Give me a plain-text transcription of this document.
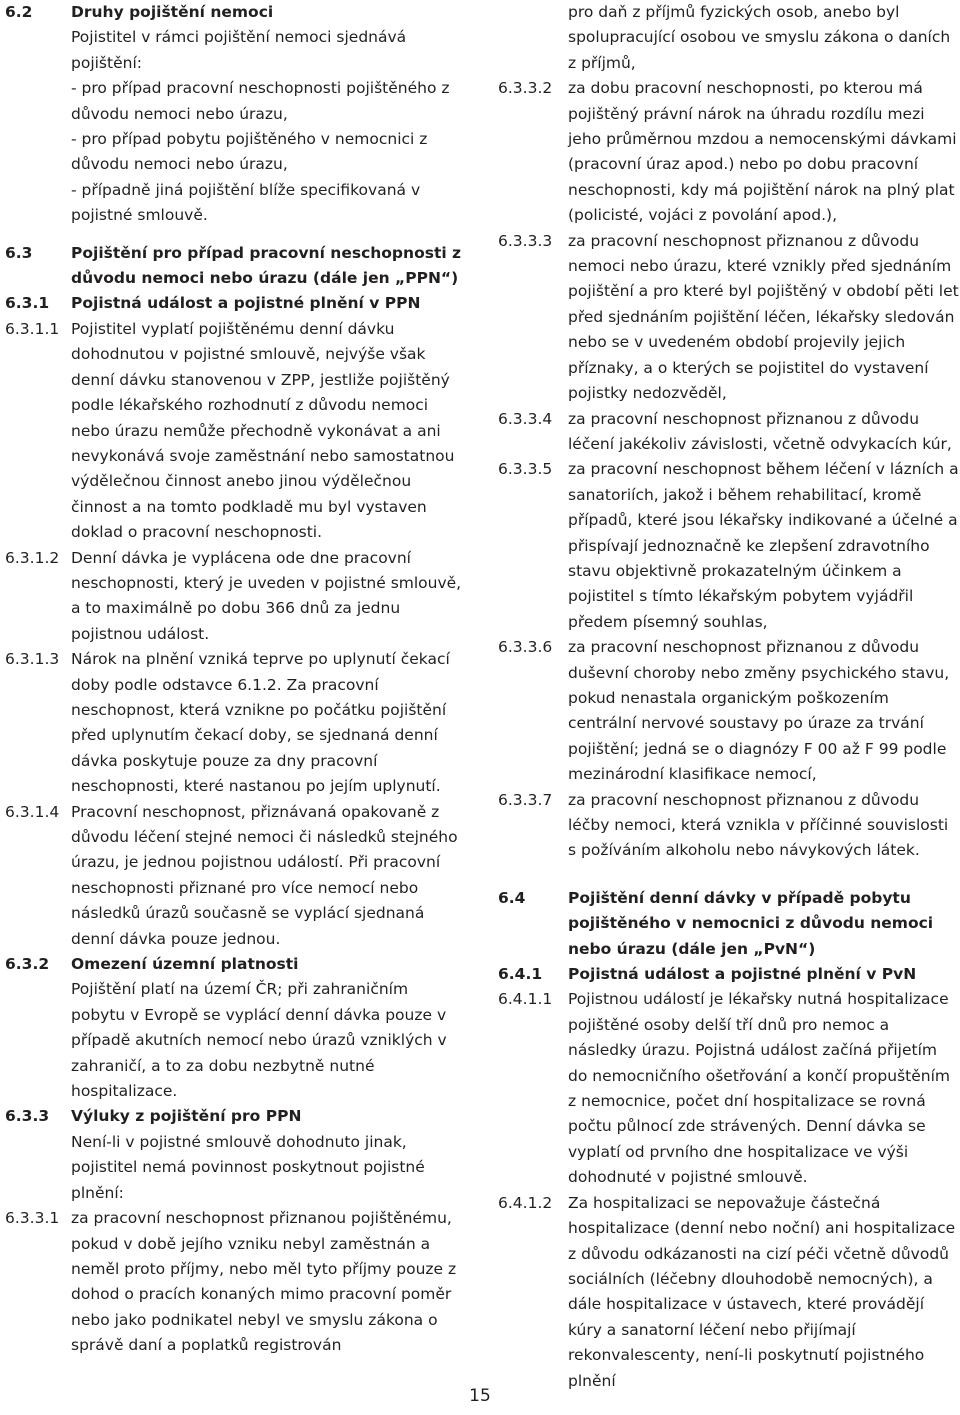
6.2 Druhy pojištění nemoci
Pojistitel v rámci pojištění nemoci sjednává pojištění:
- pro případ pracovní neschopnosti pojištěného z důvodu nemoci nebo úrazu,
- pro případ pobytu pojištěného v nemocnici z důvodu nemoci nebo úrazu,
- případně jiná pojištění blíže specifikovaná v pojistné smlouvě.
6.3 Pojištění pro případ pracovní neschopnosti z důvodu nemoci nebo úrazu (dále jen „PPN“)
6.3.1 Pojistná událost a pojistné plnění v PPN
6.3.1.1 Pojistitel vyplatí pojištěnému denní dávku dohodnutou v pojistné smlouvě, nejvýše však denní dávku stanovenou v ZPP, jestliže pojištěný podle lékařského rozhodnutí z důvodu nemoci nebo úrazu nemůže přechodně vykonávat a ani nevykonává svoje zaměstnání nebo samostatnou výdělečnou činnost anebo jinou výdělečnou činnost a na tomto podkladě mu byl vystaven doklad o pracovní neschopnosti.
6.3.1.2 Denní dávka je vyplácena ode dne pracovní neschopnosti, který je uveden v pojistné smlouvě, a to maximálně po dobu 366 dnů za jednu pojistnou událost.
6.3.1.3 Nárok na plnění vzniká teprve po uplynutí čekací doby podle odstavce 6.1.2. Za pracovní neschopnost, která vznikne po počátku pojištění před uplynutím čekací doby, se sjednaná denní dávka poskytuje pouze za dny pracovní neschopnosti, které nastanou po jejím uplynutí.
6.3.1.4 Pracovní neschopnost, přiznávaná opakovaně z důvodu léčení stejné nemoci či následků stejného úrazu, je jednou pojistnou událostí. Při pracovní neschopnosti přiznané pro více nemocí nebo následků úrazů současně se vyplácí sjednaná denní dávka pouze jednou.
6.3.2 Omezení územní platnosti
Pojištění platí na území ČR; při zahraničním pobytu v Evropě se vyplácí denní dávka pouze v případě akutních nemocí nebo úrazů vzniklých v zahraničí, a to za dobu nezbytně nutné hospitalizace.
6.3.3 Výluky z pojištění pro PPN
Není-li v pojistné smlouvě dohodnuto jinak, pojistitel nemá povinnost poskytnout pojistné plnění:
6.3.3.1 za pracovní neschopnost přiznanou pojištěnému, pokud v době jejího vzniku nebyl zaměstnán a neměl proto příjmy, nebo měl tyto příjmy pouze z dohod o pracích konaných mimo pracovní poměr nebo jako podnikatel nebyl ve smyslu zákona o správě daní a poplatků registrován
pro daň z příjmů fyzických osob, anebo byl spolupracující osobou ve smyslu zákona o daních z příjmů,
6.3.3.2 za dobu pracovní neschopnosti, po kterou má pojištěný právní nárok na úhradu rozdílu mezi jeho průměrnou mzdou a nemocenskými dávkami (pracovní úraz apod.) nebo po dobu pracovní neschopnosti, kdy má pojištění nárok na plný plat (policisté, vojáci z povolání apod.),
6.3.3.3 za pracovní neschopnost přiznanou z důvodu nemoci nebo úrazu, které vznikly před sjednáním pojištění a pro které byl pojištěný v období pěti let před sjednáním pojištění léčen, lékařsky sledován nebo se v uvedeném období projevily jejich příznaky, a o kterých se pojistitel do vystavení pojistky nedozvěděl,
6.3.3.4 za pracovní neschopnost přiznanou z důvodu léčení jakékoliv závislosti, včetně odvykacích kúr,
6.3.3.5 za pracovní neschopnost během léčení v lázních a sanatoriích, jakož i během rehabilitací, kromě případů, které jsou lékařsky indikované a účelné a přispívají jednoznačně ke zlepšení zdravotního stavu objektivně prokazatelným účinkem a pojistitel s tímto lékařským pobytem vyjádřil předem písemný souhlas,
6.3.3.6 za pracovní neschopnost přiznanou z důvodu duševní choroby nebo změny psychického stavu, pokud nenastala organickým poškozením centrální nervové soustavy po úraze za trvání pojištění; jedná se o diagnózy F 00 až F 99 podle mezinárodní klasifikace nemocí,
6.3.3.7 za pracovní neschopnost přiznanou z důvodu léčby nemoci, která vznikla v příčinné souvislosti s požíváním alkoholu nebo návykových látek.
6.4	Pojištění denní dávky v případě pobytu pojištěného v nemocnici z důvodu nemoci nebo úrazu (dále jen „PvN“)
6.4.1 Pojistná událost a pojistné plnění v PvN
6.4.1.1 Pojistnou událostí je lékařsky nutná hospitalizace pojištěné osoby delší tří dnů pro nemoc a následky úrazu. Pojistná událost začíná přijetím do nemocničního ošetřování a končí propuštěním z nemocnice, počet dní hospitalizace se rovná počtu půlnocí zde strávených. Denní dávka se vyplatí od prvního dne hospitalizace ve výši dohodnuté v pojistné smlouvě.
6.4.1.2 Za hospitalizaci se nepovažuje částečná hospitalizace (denní nebo noční) ani hospitalizace z důvodu odkázanosti na cizí péči včetně důvodů sociálních (léčebny dlouhodobě nemocných), a dále hospitalizace v ústavech, které provádějí kúry a sanatorní léčení nebo přijímají rekonvalescenty, není-li poskytnutí pojistného plnění
15
